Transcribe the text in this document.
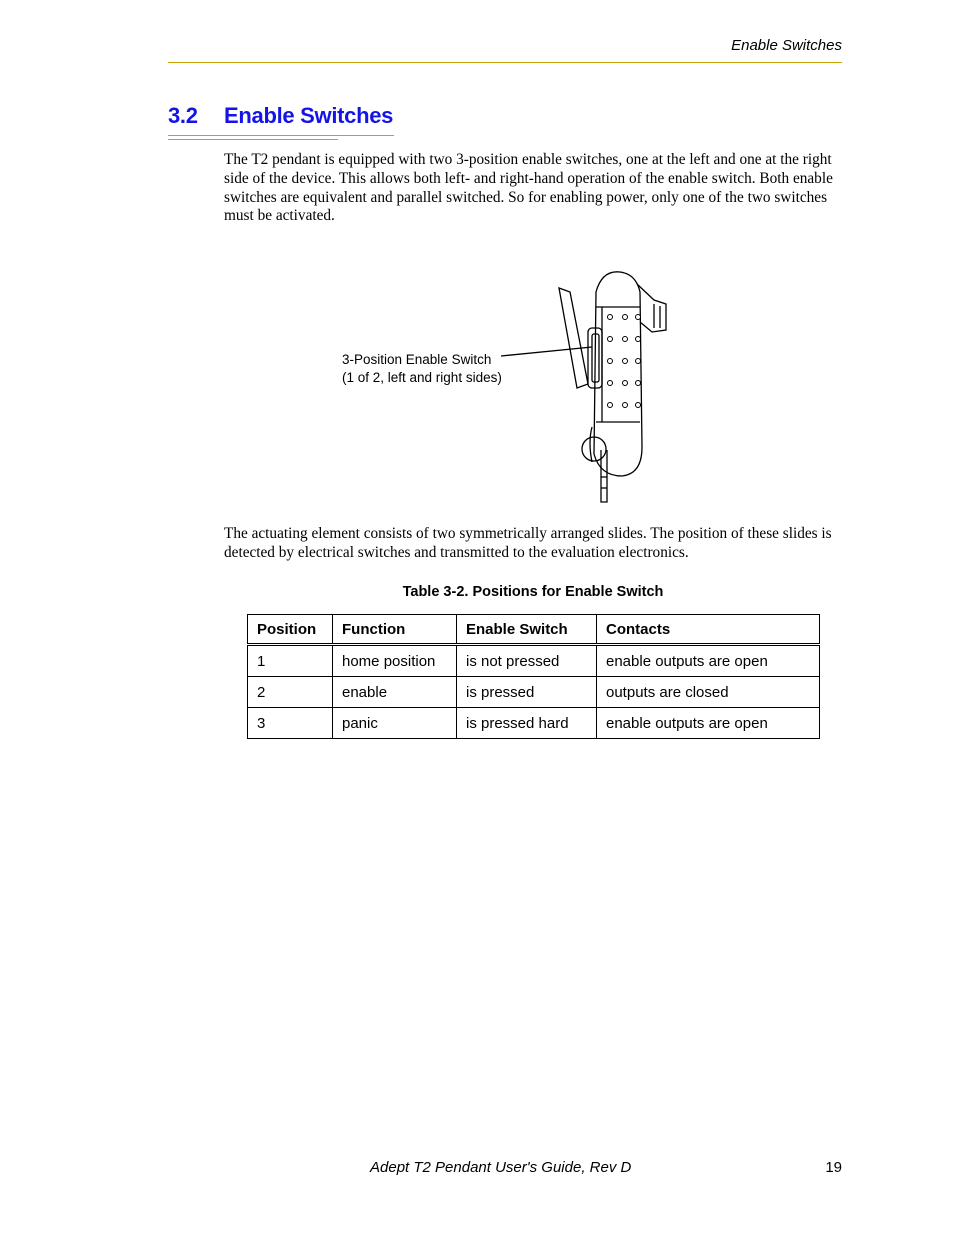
Enable Switches
3.2 Enable Switches
The T2 pendant is equipped with two 3-position enable switches, one at the left and one at the right side of the device. This allows both left- and right-hand operation of the enable switch. Both enable switches are equivalent and parallel switched. So for enabling power, only one of the two switches must be activated.
3-Position Enable Switch
(1 of 2, left and right sides)
The actuating element consists of two symmetrically arranged slides. The position of these slides is detected by electrical switches and transmitted to the evaluation electronics.
Table 3-2. Positions for Enable Switch
Position	Function	Enable Switch	Contacts
1	home position	is not pressed	enable outputs are open
2	enable	is pressed	outputs are closed
3	panic	is pressed hard	enable outputs are open
Adept T2 Pendant User's Guide, Rev D	19
